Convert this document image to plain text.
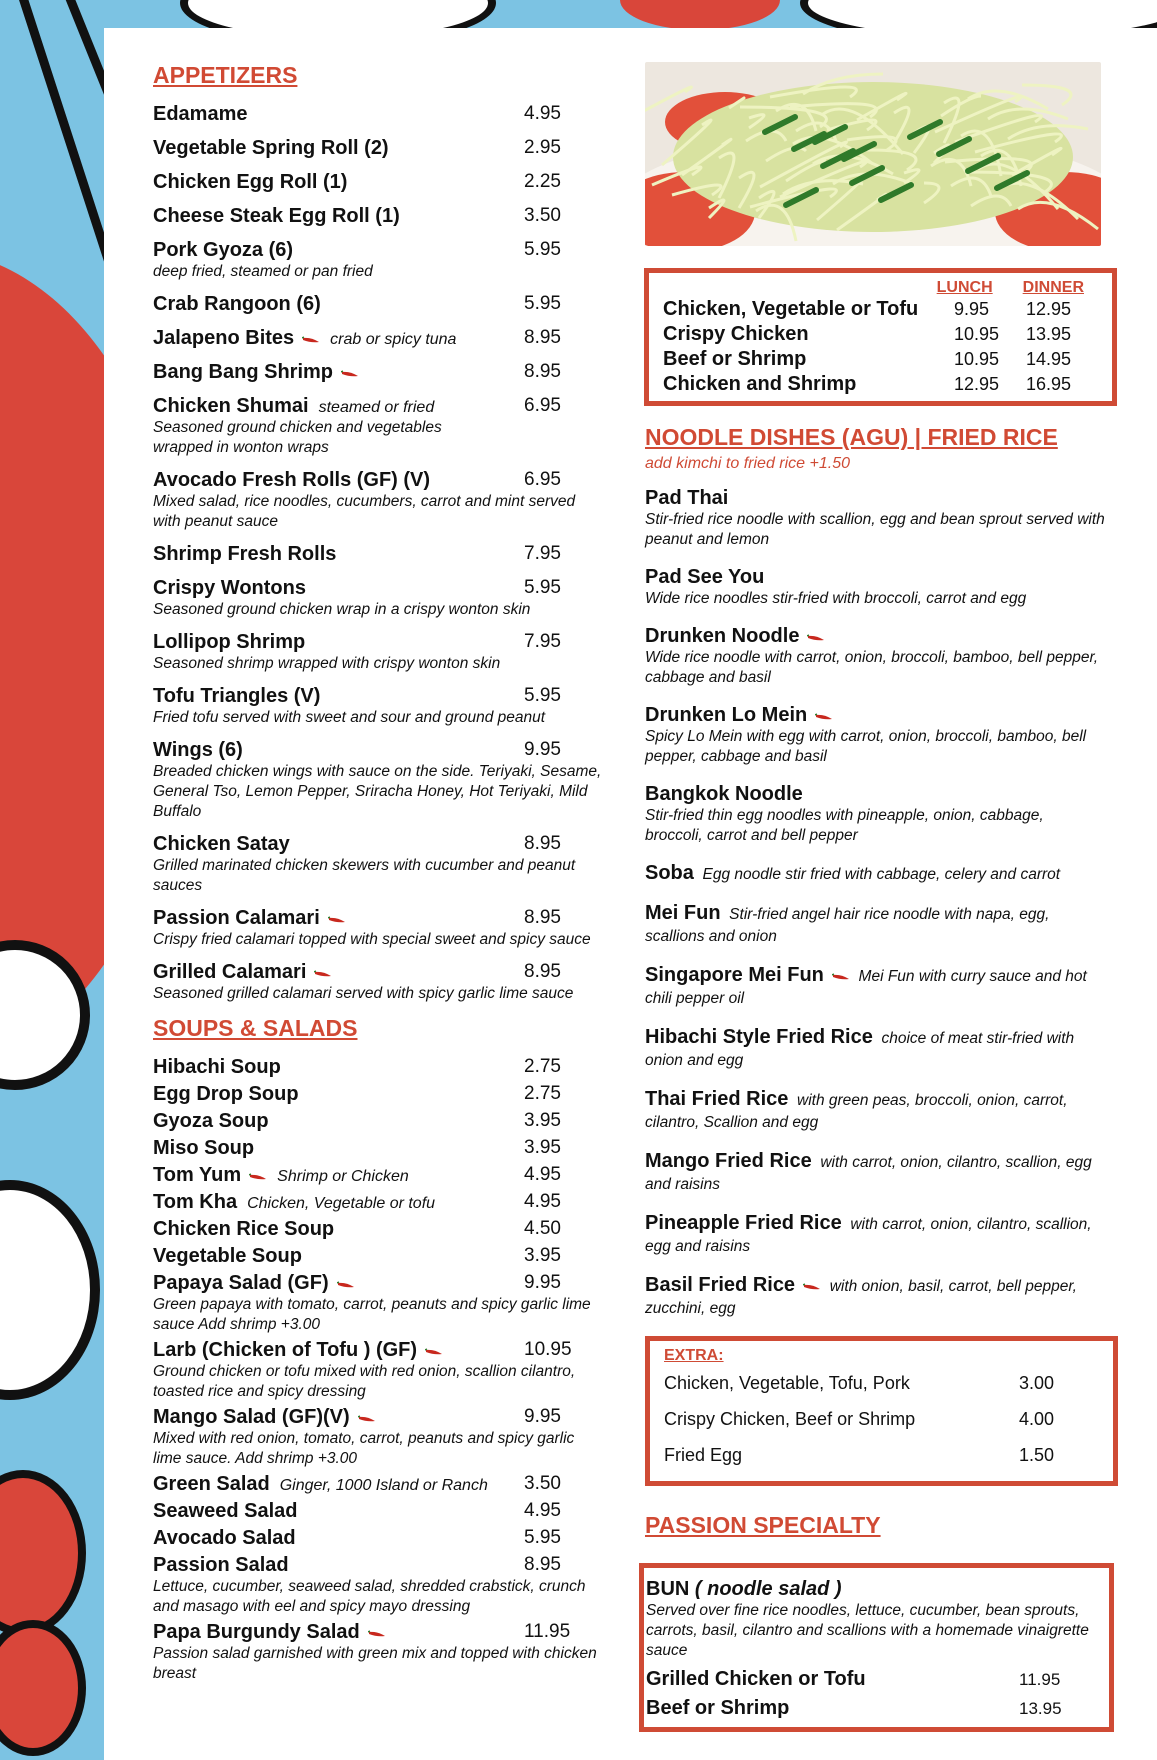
APPETIZERS
Edamame	4.95
Vegetable Spring Roll (2)	2.95
Chicken Egg Roll (1)	2.25
Cheese Steak Egg Roll (1)	3.50
Pork Gyoza (6)	5.95
deep fried, steamed or pan fried
Crab Rangoon (6)	5.95
Jalapeno Bites crab or spicy tuna	8.95
Bang Bang Shrimp	8.95
Chicken Shumai steamed or fried	6.95
Seasoned ground chicken and vegetables
wrapped in wonton wraps
Avocado Fresh Rolls (GF) (V)	6.95
Mixed salad, rice noodles, cucumbers, carrot and mint served with peanut sauce
Shrimp Fresh Rolls	7.95
Crispy Wontons	5.95
Seasoned ground chicken wrap in a crispy wonton skin
Lollipop Shrimp	7.95
Seasoned shrimp wrapped with crispy wonton skin
Tofu Triangles (V)	5.95
Fried tofu served with sweet and sour and ground peanut
Wings (6)	9.95
Breaded chicken wings with sauce on the side. Teriyaki, Sesame, General Tso, Lemon Pepper, Sriracha Honey, Hot Teriyaki, Mild Buffalo
Chicken Satay	8.95
Grilled marinated chicken skewers with cucumber and peanut sauces
Passion Calamari	8.95
Crispy fried calamari topped with special sweet and spicy sauce
Grilled Calamari	8.95
Seasoned grilled calamari served with spicy garlic lime sauce
SOUPS & SALADS
Hibachi Soup	2.75
Egg Drop Soup	2.75
Gyoza Soup	3.95
Miso Soup	3.95
Tom Yum Shrimp or Chicken	4.95
Tom Kha Chicken, Vegetable or tofu	4.95
Chicken Rice Soup	4.50
Vegetable Soup	3.95
Papaya Salad (GF)	9.95
Green papaya with tomato, carrot, peanuts and spicy garlic lime sauce Add shrimp +3.00
Larb (Chicken of Tofu ) (GF)	10.95
Ground chicken or tofu mixed with red onion, scallion cilantro, toasted rice and spicy dressing
Mango Salad (GF)(V)	9.95
Mixed with red onion, tomato, carrot, peanuts and spicy garlic lime sauce. Add shrimp +3.00
Green Salad Ginger, 1000 Island or Ranch 3.50
Seaweed Salad	4.95
Avocado Salad	5.95
Passion Salad	8.95
Lettuce, cucumber, seaweed salad, shredded crabstick, crunch and masago with eel and spicy mayo dressing
Papa Burgundy Salad	11.95
Passion salad garnished with green mix and topped with chicken breast
LUNCH DINNER
Chicken, Vegetable or Tofu	9.95	12.95
Crispy Chicken	10.95	13.95
Beef or Shrimp	10.95	14.95
Chicken and Shrimp	12.95	16.95
NOODLE DISHES (AGU) | FRIED RICE
add kimchi to fried rice +1.50
Pad Thai
Stir-fried rice noodle with scallion, egg and bean sprout served with peanut and lemon
Pad See You
Wide rice noodles stir-fried with broccoli, carrot and egg
Drunken Noodle
Wide rice noodle with carrot, onion, broccoli, bamboo, bell pepper, cabbage and basil
Drunken Lo Mein
Spicy Lo Mein with egg with carrot, onion, broccoli, bamboo, bell pepper, cabbage and basil
Bangkok Noodle
Stir-fried thin egg noodles with pineapple, onion, cabbage, broccoli, carrot and bell pepper
Soba Egg noodle stir fried with cabbage, celery and carrot
Mei Fun Stir-fried angel hair rice noodle with napa, egg, scallions and onion
Singapore Mei Fun Mei Fun with curry sauce and hot chili pepper oil
Hibachi Style Fried Rice choice of meat stir-fried with onion and egg
Thai Fried Rice with green peas, broccoli, onion, carrot, cilantro, Scallion and egg
Mango Fried Rice with carrot, onion, cilantro, scallion, egg and raisins
Pineapple Fried Rice with carrot, onion, cilantro, scallion, egg and raisins
Basil Fried Rice with onion, basil, carrot, bell pepper, zucchini, egg
EXTRA:
Chicken, Vegetable, Tofu, Pork	3.00
Crispy Chicken, Beef or Shrimp	4.00
Fried Egg	1.50
PASSION SPECIALTY
BUN ( noodle salad )
Served over fine rice noodles, lettuce, cucumber, bean sprouts, carrots, basil, cilantro and scallions with a homemade vinaigrette sauce
Grilled Chicken or Tofu	11.95
Beef or Shrimp	13.95
